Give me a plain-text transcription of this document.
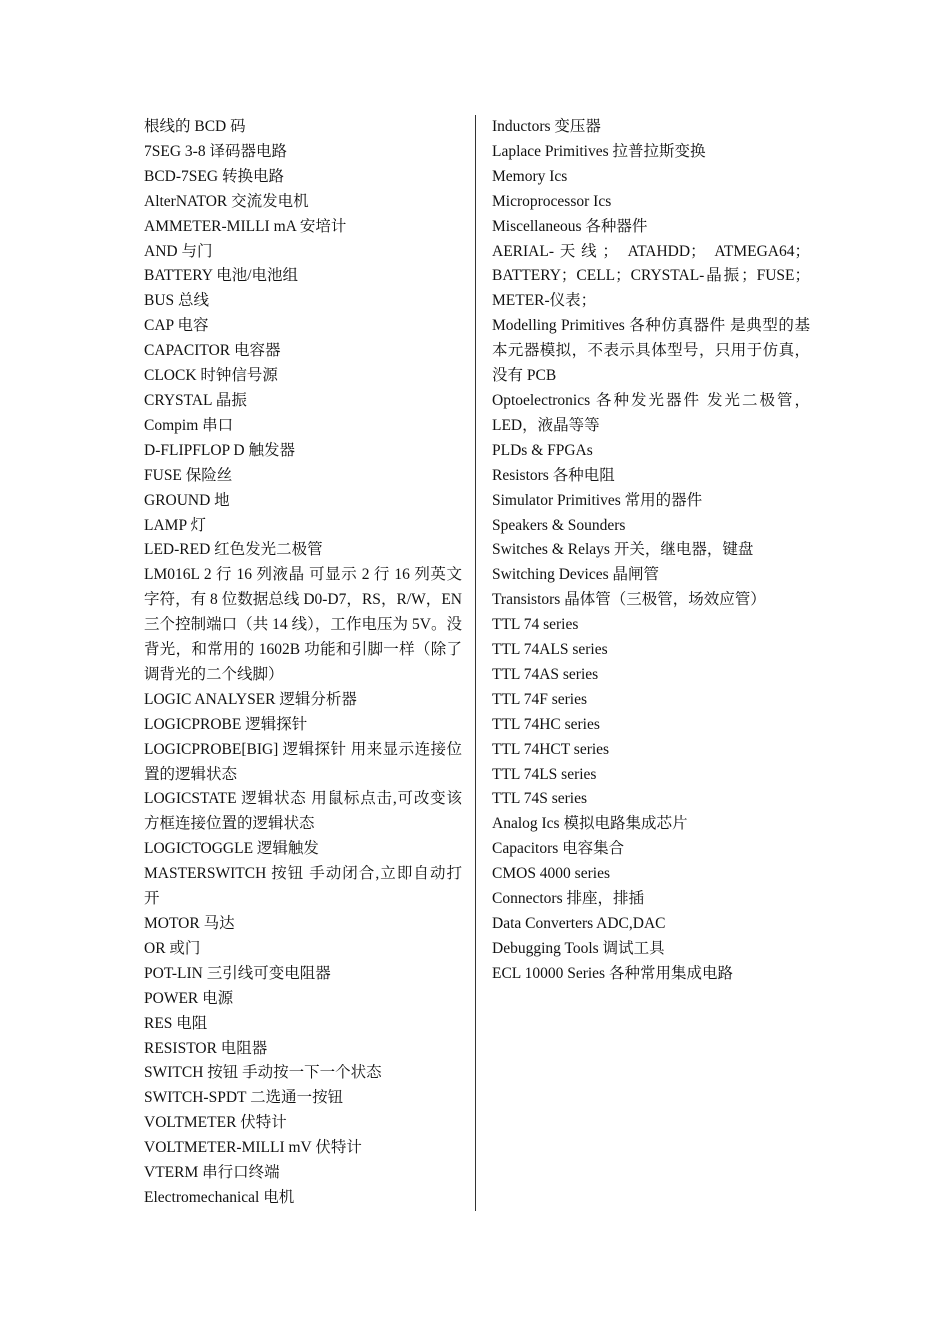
根线的 BCD 码
7SEG 3-8 译码器电路
BCD-7SEG 转换电路
AlterNATOR 交流发电机
AMMETER-MILLI mA 安培计
AND 与门
BATTERY 电池/电池组
BUS 总线
CAP 电容
CAPACITOR 电容器
CLOCK 时钟信号源
CRYSTAL 晶振
Compim 串口
D-FLIPFLOP D 触发器
FUSE 保险丝
GROUND 地
LAMP 灯
LED-RED 红色发光二极管
LM016L 2 行 16 列液晶 可显示 2 行 16 列英文字符，有 8 位数据总线 D0-D7，RS，R/W，EN 三个控制端口（共 14 线），工作电压为 5V。没背光，和常用的 1602B 功能和引脚一样（除了调背光的二个线脚）
LOGIC ANALYSER 逻辑分析器
LOGICPROBE 逻辑探针
LOGICPROBE[BIG] 逻辑探针 用来显示连接位置的逻辑状态
LOGICSTATE 逻辑状态 用鼠标点击,可改变该方框连接位置的逻辑状态
LOGICTOGGLE 逻辑触发
MASTERSWITCH 按钮 手动闭合,立即自动打开
MOTOR 马达
OR 或门
POT-LIN 三引线可变电阻器
POWER 电源
RES 电阻
RESISTOR 电阻器
SWITCH 按钮 手动按一下一个状态
SWITCH-SPDT 二选通一按钮
VOLTMETER 伏特计
VOLTMETER-MILLI mV 伏特计
VTERM 串行口终端
Electromechanical 电机
Inductors 变压器
Laplace Primitives 拉普拉斯变换
Memory Ics
Microprocessor Ics
Miscellaneous 各种器件
AERIAL-天线； ATAHDD； ATMEGA64；BATTERY；CELL；CRYSTAL-晶振；FUSE；METER-仪表；
Modelling Primitives 各种仿真器件 是典型的基本元器模拟，不表示具体型号，只用于仿真，没有 PCB
Optoelectronics 各种发光器件 发光二极管，LED，液晶等等
PLDs & FPGAs
Resistors 各种电阻
Simulator Primitives 常用的器件
Speakers & Sounders
Switches & Relays 开关，继电器，键盘
Switching Devices 晶闸管
Transistors 晶体管（三极管，场效应管）
TTL 74 series
TTL 74ALS series
TTL 74AS series
TTL 74F series
TTL 74HC series
TTL 74HCT series
TTL 74LS series
TTL 74S series
Analog Ics 模拟电路集成芯片
Capacitors 电容集合
CMOS 4000 series
Connectors 排座，排插
Data Converters ADC,DAC
Debugging Tools 调试工具
ECL 10000 Series 各种常用集成电路
